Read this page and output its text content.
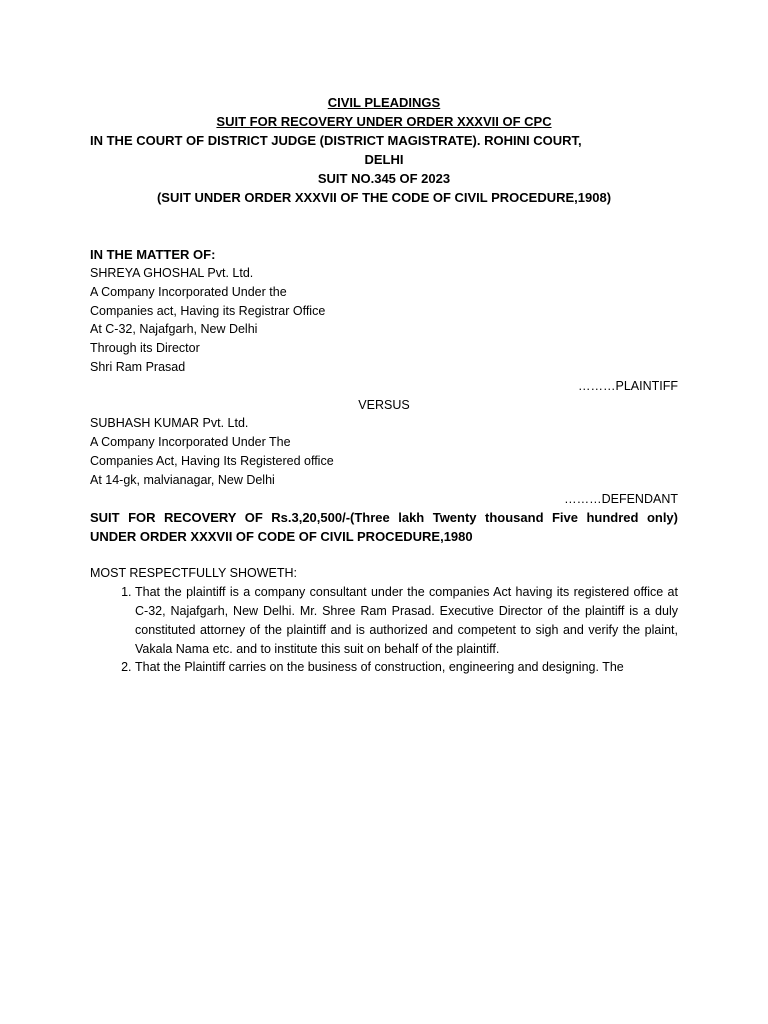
CIVIL PLEADINGS
SUIT FOR RECOVERY UNDER ORDER XXXVII OF CPC
IN THE COURT OF DISTRICT JUDGE (DISTRICT MAGISTRATE). ROHINI COURT,
DELHI
SUIT NO.345 OF 2023
(SUIT UNDER ORDER XXXVII OF THE CODE OF CIVIL PROCEDURE,1908)
IN THE MATTER OF:
SHREYA GHOSHAL Pvt. Ltd.
A Company Incorporated Under the
Companies act, Having its Registrar Office
At C-32, Najafgarh, New Delhi
Through its Director
Shri Ram Prasad
………PLAINTIFF
VERSUS
SUBHASH KUMAR Pvt. Ltd.
A Company Incorporated Under The
Companies Act, Having Its Registered office
At 14-gk, malvianagar, New Delhi
………DEFENDANT
SUIT FOR RECOVERY OF Rs.3,20,500/-(Three lakh Twenty thousand Five hundred only) UNDER ORDER XXXVII OF CODE OF CIVIL PROCEDURE,1980
MOST RESPECTFULLY SHOWETH:
1. That the plaintiff is a company consultant under the companies Act having its registered office at C-32, Najafgarh, New Delhi. Mr. Shree Ram Prasad. Executive Director of the plaintiff is a duly constituted attorney of the plaintiff and is authorized and competent to sigh and verify the plaint, Vakala Nama etc. and to institute this suit on behalf of the plaintiff.
2. That the Plaintiff carries on the business of construction, engineering and designing. The
